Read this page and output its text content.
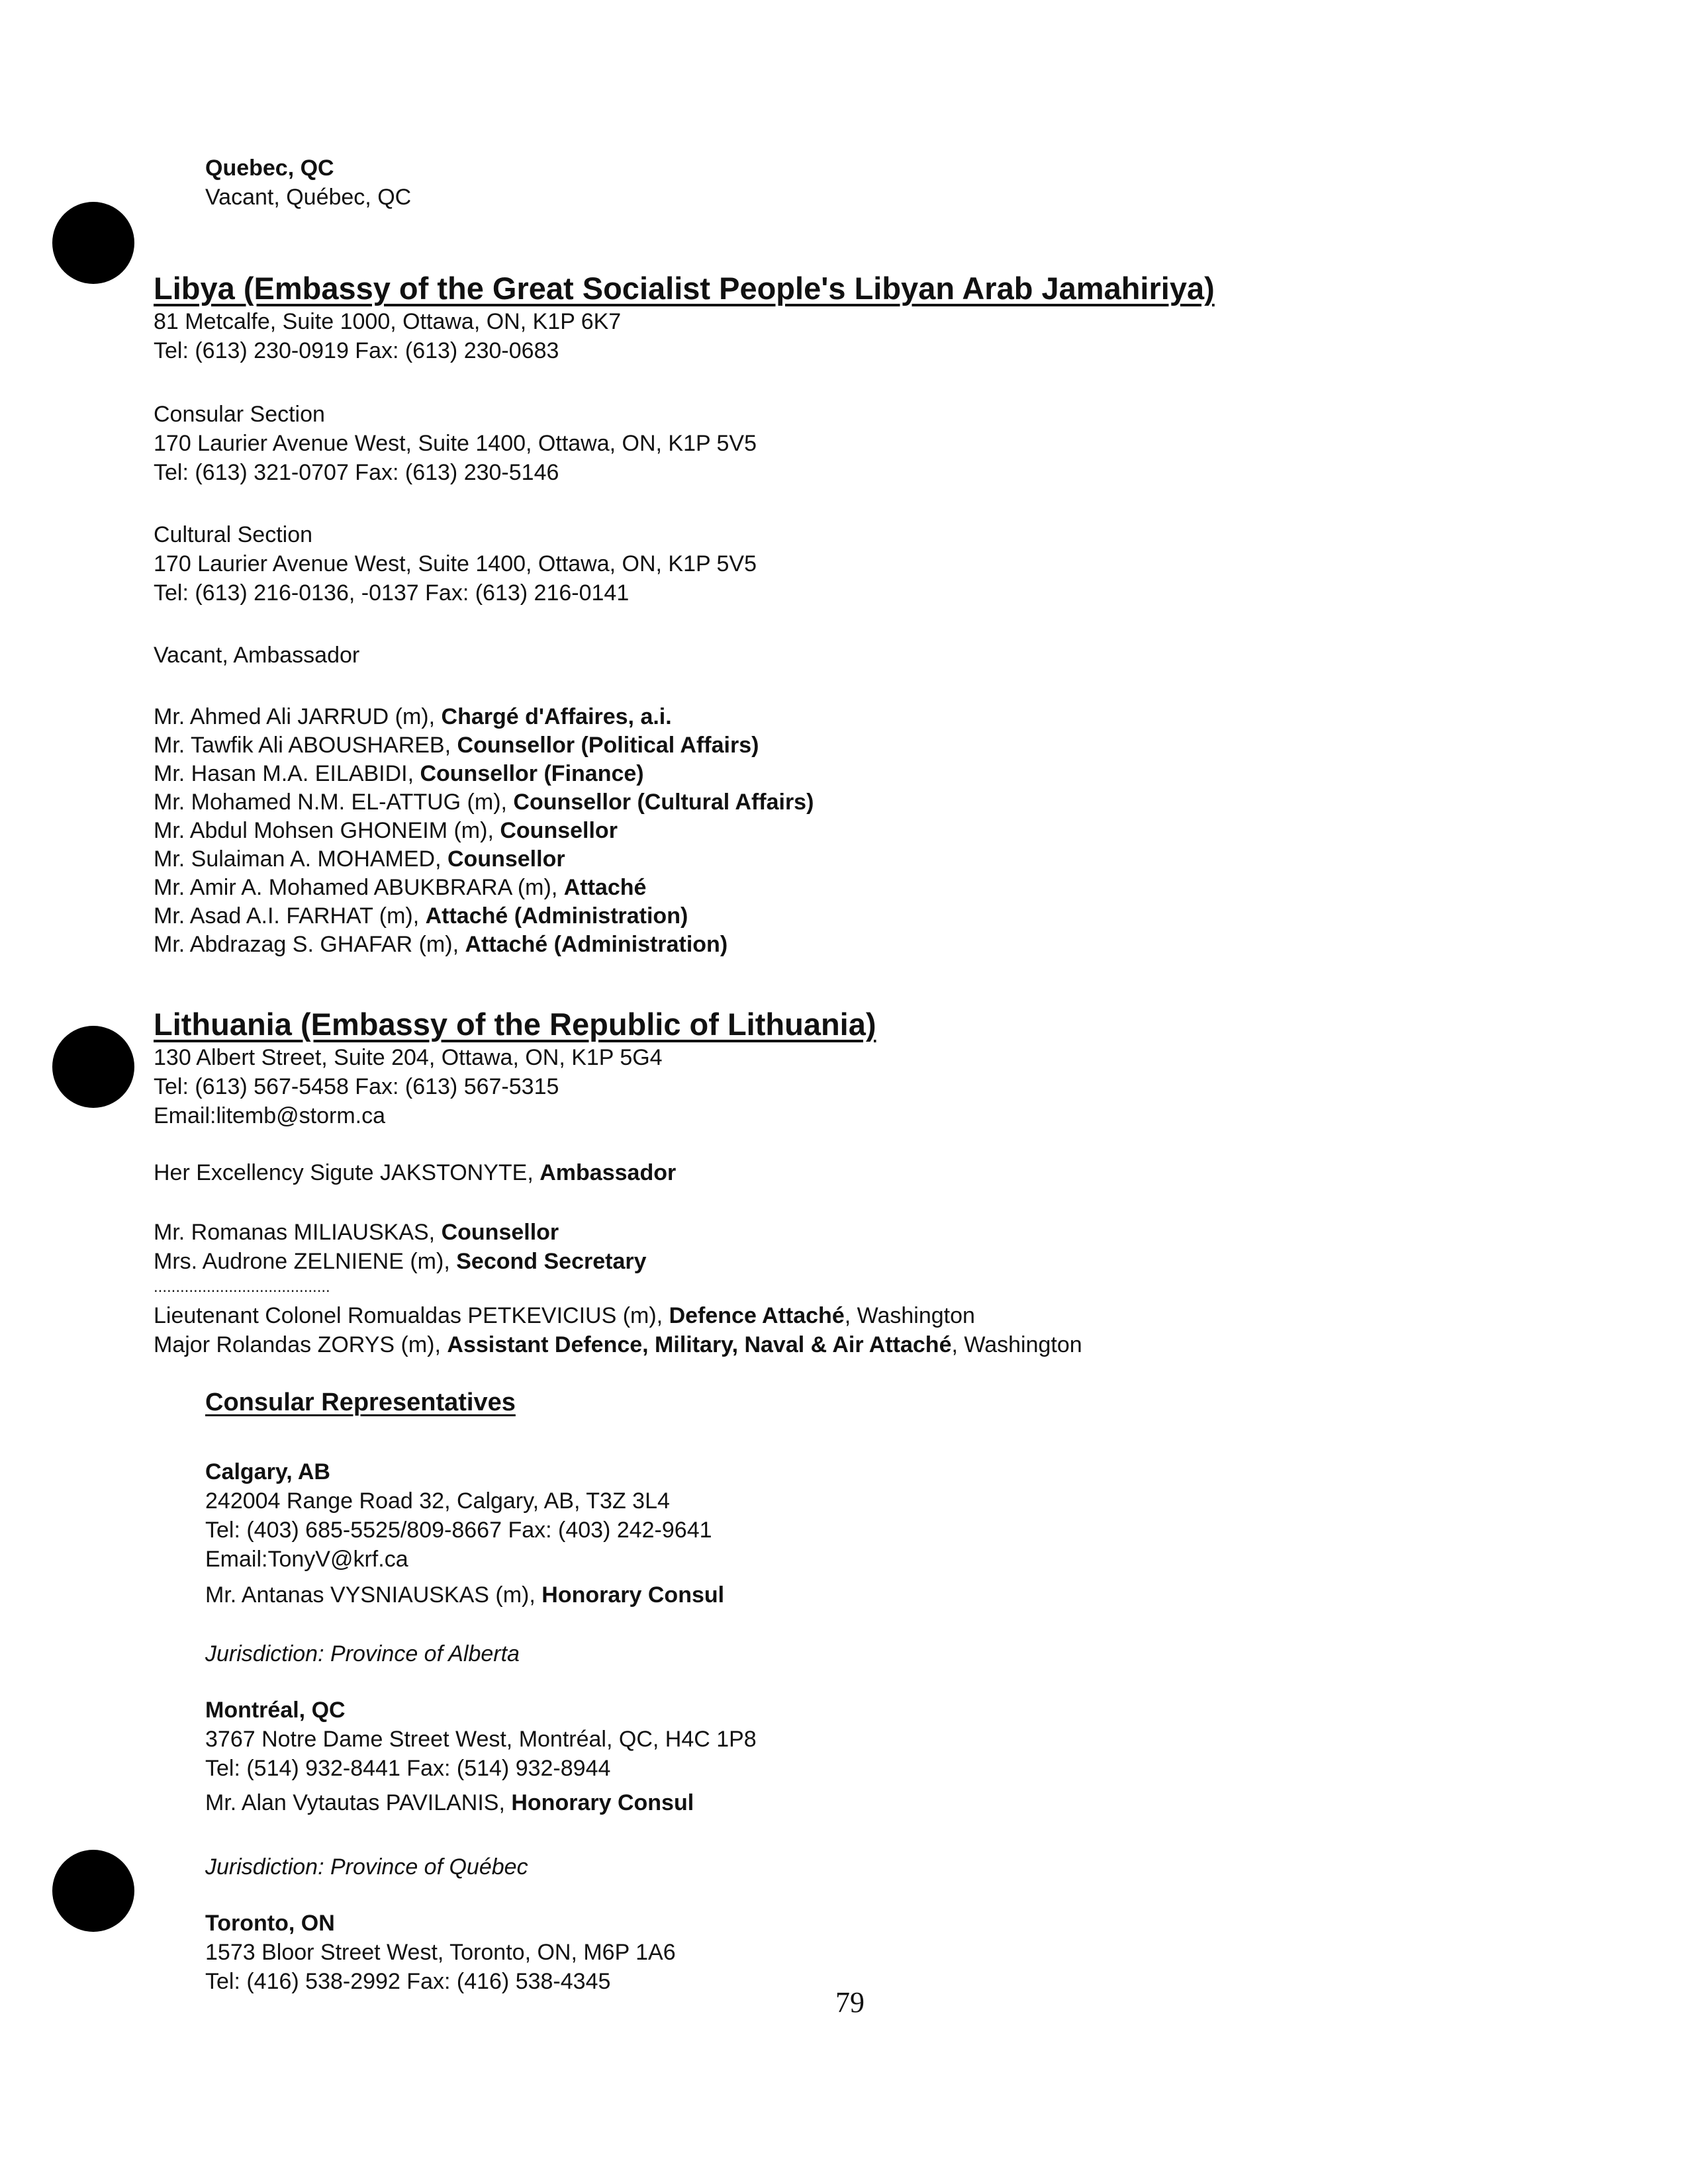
Quebec, QC
Vacant, Québec, QC
Libya (Embassy of the Great Socialist People's Libyan Arab Jamahiriya)
81 Metcalfe, Suite 1000, Ottawa, ON, K1P 6K7
Tel: (613) 230-0919 Fax: (613) 230-0683
Consular Section
170 Laurier Avenue West, Suite 1400, Ottawa, ON, K1P 5V5
Tel: (613) 321-0707 Fax: (613) 230-5146
Cultural Section
170 Laurier Avenue West, Suite 1400, Ottawa, ON, K1P 5V5
Tel: (613) 216-0136, -0137 Fax: (613) 216-0141
Vacant, Ambassador
Mr. Ahmed Ali JARRUD (m), Chargé d'Affaires, a.i.
Mr. Tawfik Ali ABOUSHAREB, Counsellor (Political Affairs)
Mr. Hasan M.A. EILABIDI, Counsellor (Finance)
Mr. Mohamed N.M. EL-ATTUG (m), Counsellor (Cultural Affairs)
Mr. Abdul Mohsen GHONEIM (m), Counsellor
Mr. Sulaiman A. MOHAMED, Counsellor
Mr. Amir A. Mohamed ABUKBRARA (m), Attaché
Mr. Asad A.I. FARHAT (m), Attaché (Administration)
Mr. Abdrazag S. GHAFAR (m), Attaché (Administration)
Lithuania (Embassy of the Republic of Lithuania)
130 Albert Street, Suite 204, Ottawa, ON, K1P 5G4
Tel: (613) 567-5458 Fax: (613) 567-5315
Email:litemb@storm.ca
Her Excellency Sigute JAKSTONYTE, Ambassador
Mr. Romanas MILIAUSKAS, Counsellor
Mrs. Audrone ZELNIENE (m), Second Secretary
........................................
Lieutenant Colonel Romualdas PETKEVICIUS (m), Defence Attaché, Washington
Major Rolandas ZORYS (m), Assistant Defence, Military, Naval & Air Attaché, Washington
Consular Representatives
Calgary, AB
242004 Range Road 32, Calgary, AB, T3Z 3L4
Tel: (403) 685-5525/809-8667 Fax: (403) 242-9641
Email:TonyV@krf.ca
Mr. Antanas VYSNIAUSKAS (m), Honorary Consul
Jurisdiction: Province of Alberta
Montréal, QC
3767 Notre Dame Street West, Montréal, QC, H4C 1P8
Tel: (514) 932-8441 Fax: (514) 932-8944
Mr. Alan Vytautas PAVILANIS, Honorary Consul
Jurisdiction: Province of Québec
Toronto, ON
1573 Bloor Street West, Toronto, ON, M6P 1A6
Tel: (416) 538-2992 Fax: (416) 538-4345
79
